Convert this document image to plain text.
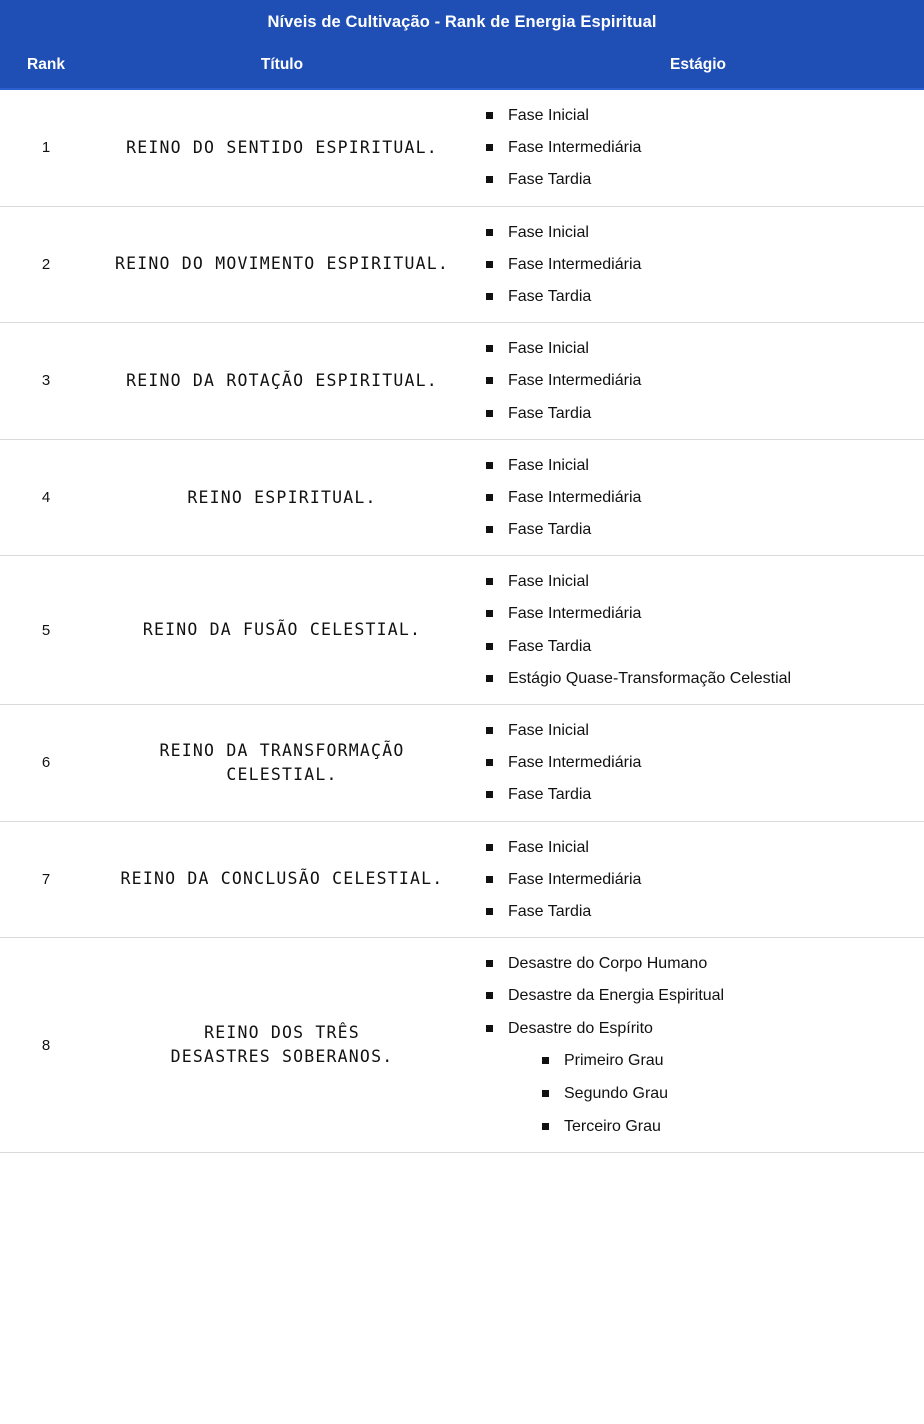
Níveis de Cultivação - Rank de Energia Espiritual
Rank	Título	Estágio
1	REINO DO SENTIDO ESPIRITUAL.

Fase Inicial
Fase Intermediária
Fase Tardia

2	REINO DO MOVIMENTO ESPIRITUAL.

Fase Inicial
Fase Intermediária
Fase Tardia

3	REINO DA ROTAÇÃO ESPIRITUAL.

Fase Inicial
Fase Intermediária
Fase Tardia

4	REINO ESPIRITUAL.

Fase Inicial
Fase Intermediária
Fase Tardia

5	REINO DA FUSÃO CELESTIAL.

Fase Inicial
Fase Intermediária
Fase Tardia
Estágio Quase-Transformação Celestial

6	
REINO DA TRANSFORMAÇÃO
CELESTIAL.

Fase Inicial
Fase Intermediária
Fase Tardia

7	REINO DA CONCLUSÃO CELESTIAL.

Fase Inicial
Fase Intermediária
Fase Tardia

8	
REINO DOS TRÊS
DESASTRES SOBERANOS.

Desastre do Corpo Humano
Desastre da Energia Espiritual
Desastre do Espírito
Primeiro Grau
Segundo Grau
Terceiro Grau
